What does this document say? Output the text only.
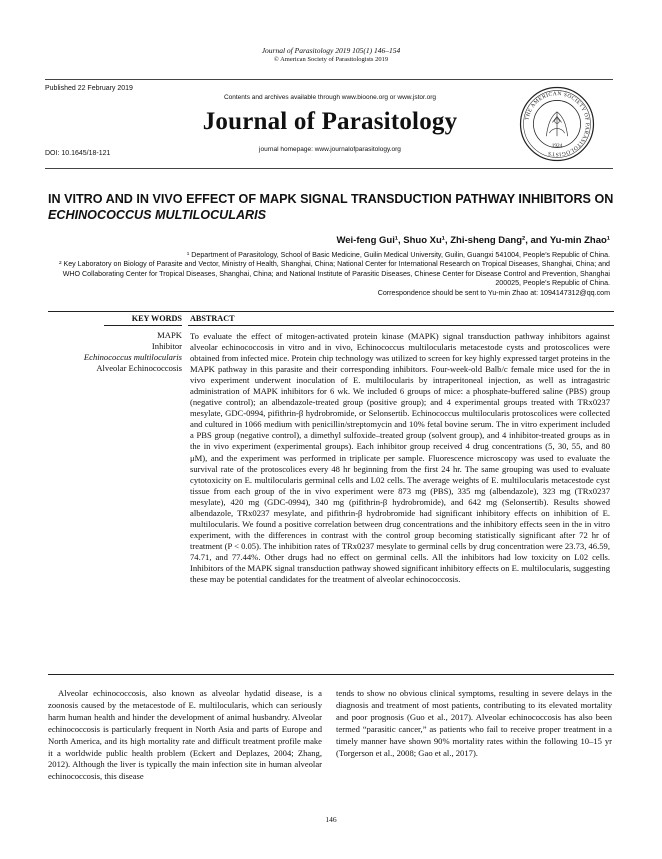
Journal of Parasitology 2019 105(1) 146–154
© American Society of Parasitologists 2019
Published 22 February 2019
Contents and archives available through www.bioone.org or www.jstor.org
Journal of Parasitology
journal homepage: www.journalofparasitology.org
DOI: 10.1645/18-121
THE AMERICAN SOCIETY OF PARASITOLOGISTS
1924
IN VITRO AND IN VIVO EFFECT OF MAPK SIGNAL TRANSDUCTION PATHWAY INHIBITORS ON ECHINOCOCCUS MULTILOCULARIS
Wei-feng Gui¹, Shuo Xu¹, Zhi-sheng Dang², and Yu-min Zhao¹

¹ Department of Parasitology, School of Basic Medicine, Guilin Medical University, Guilin, Guangxi 541004, People’s Republic of China.

² Key Laboratory on Biology of Parasite and Vector, Ministry of Health, Shanghai, China; National Center for International Research on Tropical Diseases, Shanghai, China; and WHO Collaborating Center for Tropical Diseases, Shanghai, China; and National Institute of Parasitic Diseases, Chinese Center for Disease Control and Prevention, Shanghai 200025, People’s Republic of China.

Correspondence should be sent to Yu-min Zhao at: 1094147312@qq.com

KEY WORDS ABSTRACT
MAPK
Inhibitor
Echinococcus multilocularis
Alveolar Echinococcosis
To evaluate the effect of mitogen-activated protein kinase (MAPK) signal transduction pathway inhibitors against alveolar echinococcosis in vitro and in vivo, Echinococcus multilocularis metacestode cysts and protoscolices were obtained from infected mice. Protein chip technology was utilized to screen for key highly expressed target proteins in the MAPK pathway in this parasite and their corresponding inhibitors. Four-week-old Balb/c female mice used for the in vivo experiment underwent inoculation of E. multilocularis by intraperitoneal injection, as well as intragastric administration of MAPK inhibitors for 6 wk. We included 6 groups of mice: a phosphate-buffered saline (PBS) group (negative control); an albendazole-treated group (positive group); and 4 experimental groups treated with TRx0237 mesylate, GDC-0994, pifithrin-β hydrobromide, or Selonsertib. Echinococcus multilocularis protoscolices were collected and cultured in 1066 medium with penicillin/streptomycin and 10% fetal bovine serum. The in vitro experiment included a PBS group (negative control), a dimethyl sulfoxide–treated group (solvent group), and 4 inhibitor-treated groups as in the in vivo experiment (experimental groups). Each inhibitor group received 4 drug concentrations (5, 30, 55, and 80 μM), and the experiment was performed in triplicate per sample. Fluorescence microscopy was used to evaluate the survival rate of the protoscolices every 48 hr beginning from the first 24 hr. The same grouping was used to evaluate cytotoxicity on E. multilocularis germinal cells and L02 cells. The average weights of E. multilocularis metacestode cyst tissue from each group of the in vivo experiment were 873 mg (PBS), 335 mg (albendazole), 323 mg (TRx0237 mesylate), 420 mg (GDC-0994), 340 mg (pifithrin-β hydrobromide), and 642 mg (Selonsertib). Results showed albendazole, TRx0237 mesylate, and pifithrin-β hydrobromide had significant inhibitory effects on inhibition of E. multilocularis. We found a positive correlation between drug concentrations and the inhibitory effects seen in the in vitro experiment, with the differences in contrast with the control group becoming statistically significant after 72 hr of treatment (P < 0.05). The inhibition rates of TRx0237 mesylate to germinal cells by drug concentration were 23.73, 46.59, 74.71, and 77.44%. Other drugs had no effect on germinal cells. All the inhibitors had low toxicity on L02 cells. Inhibitors of the MAPK signal transduction pathway showed significant inhibitory effects on E. multilocularis, suggesting these may be potential candidates for the treatment of alveolar echinococcosis.
Alveolar echinococcosis, also known as alveolar hydatid disease, is a zoonosis caused by the metacestode of E. multilocularis, which can seriously harm human health and hinder the development of animal husbandry. Alveolar echinococcosis is particularly frequent in North Asia and parts of Europe and North America, and its high mortality rate and difficult treatment profile make it a worldwide public health problem (Eckert and Deplazes, 2004; Zhang, 2012). Although the liver is typically the main infection site in human alveolar echinococcosis, this disease
tends to show no obvious clinical symptoms, resulting in severe delays in the diagnosis and treatment of most patients, contributing to its elevated mortality and poor prognosis (Guo et al., 2017). Alveolar echinococcosis has also been termed “parasitic cancer,” as patients who fail to receive proper treatment in a timely manner have shown 90% mortality rates within the following 10–15 yr (Torgerson et al., 2008; Gao et al., 2017).
146
